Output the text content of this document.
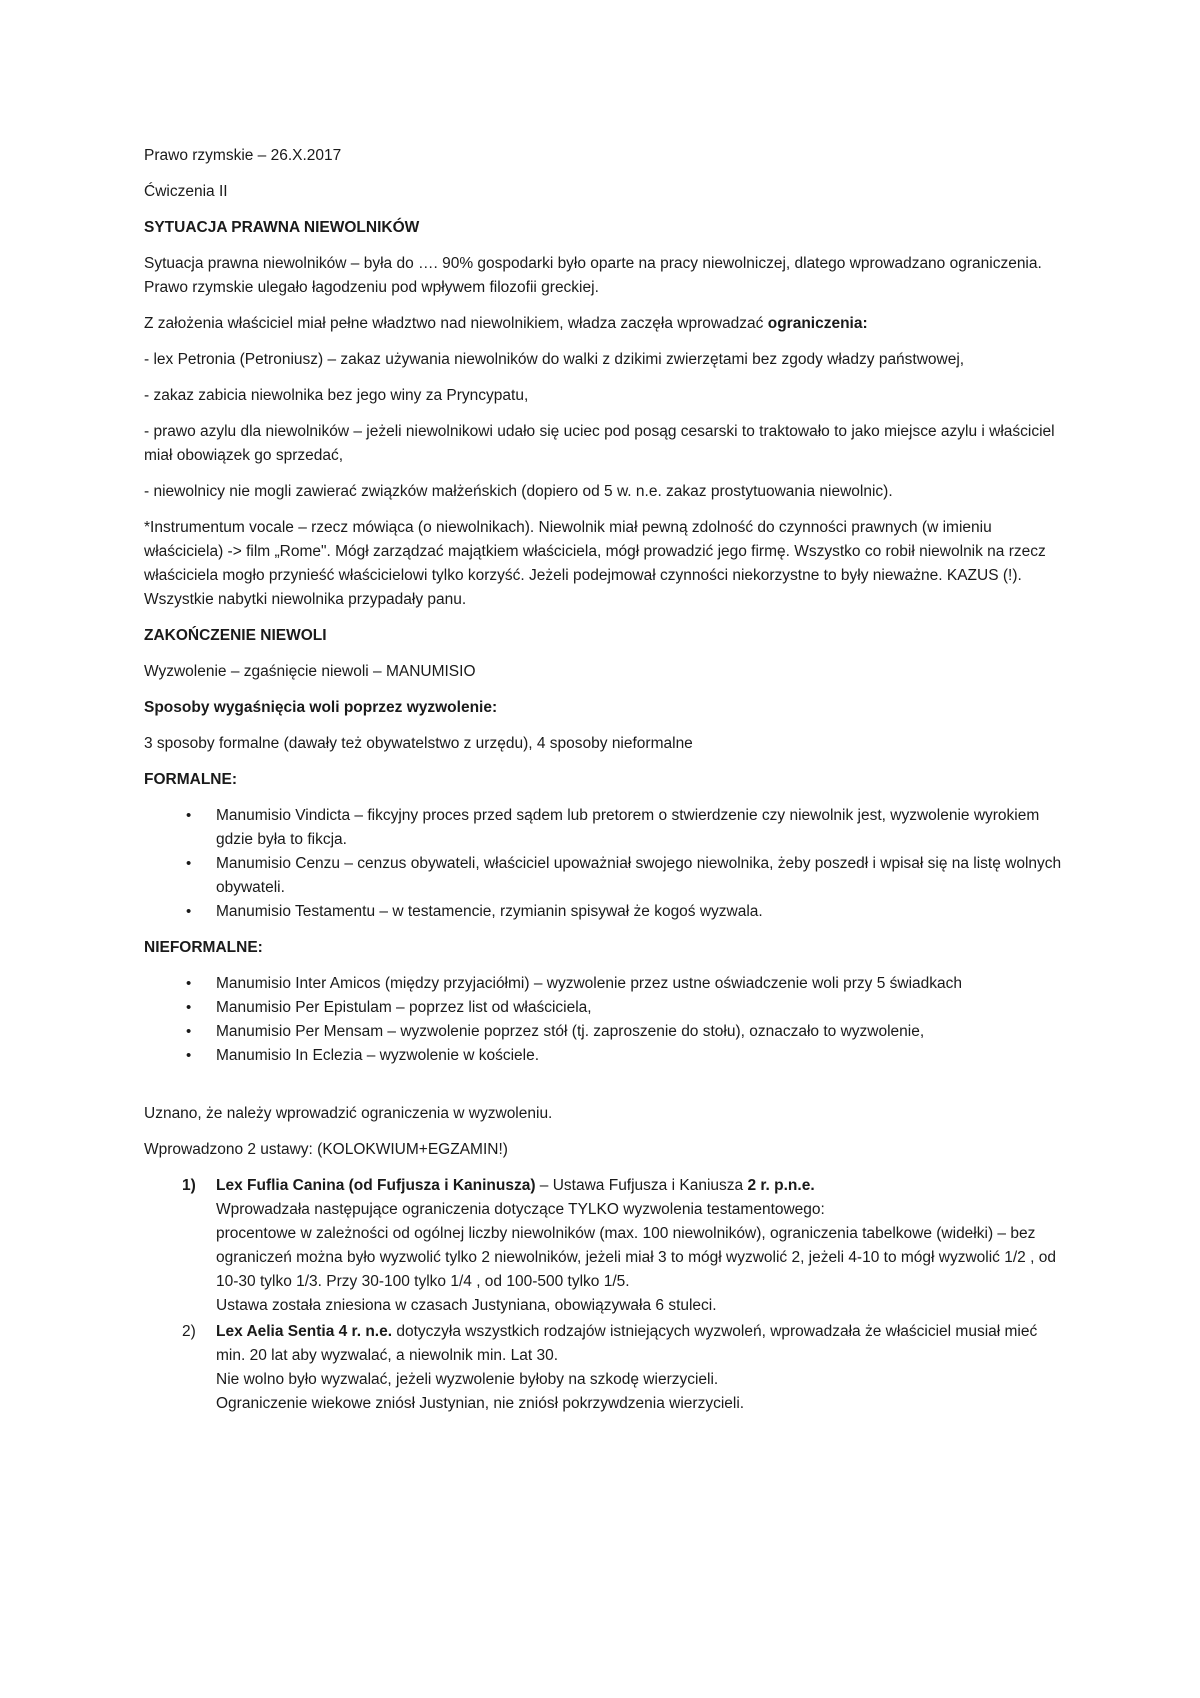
Prawo rzymskie – 26.X.2017

Ćwiczenia II

SYTUACJA PRAWNA NIEWOLNIKÓW

Sytuacja prawna niewolników – była do …. 90% gospodarki było oparte na pracy niewolniczej, dlatego wprowadzano ograniczenia. Prawo rzymskie ulegało łagodzeniu pod wpływem filozofii greckiej.

Z założenia właściciel miał pełne władztwo nad niewolnikiem, władza zaczęła wprowadzać ograniczenia:

- lex Petronia (Petroniusz) – zakaz używania niewolników do walki z dzikimi zwierzętami bez zgody władzy państwowej,

- zakaz zabicia niewolnika bez jego winy za Pryncypatu,

- prawo azylu dla niewolników – jeżeli niewolnikowi udało się uciec pod posąg cesarski to traktowało to jako miejsce azylu i właściciel miał obowiązek go sprzedać,

- niewolnicy nie mogli zawierać związków małżeńskich (dopiero od 5 w. n.e. zakaz prostytuowania niewolnic).

*Instrumentum vocale – rzecz mówiąca (o niewolnikach). Niewolnik miał pewną zdolność do czynności prawnych (w imieniu właściciela) -> film „Rome". Mógł zarządzać majątkiem właściciela, mógł prowadzić jego firmę. Wszystko co robił niewolnik na rzecz właściciela mogło przynieść właścicielowi tylko korzyść. Jeżeli podejmował czynności niekorzystne to były nieważne. KAZUS (!). Wszystkie nabytki niewolnika przypadały panu.

ZAKOŃCZENIE NIEWOLI

Wyzwolenie – zgaśnięcie niewoli – MANUMISIO

Sposoby wygaśnięcia woli poprzez wyzwolenie:

3 sposoby formalne (dawały też obywatelstwo z urzędu), 4 sposoby nieformalne

FORMALNE:

• Manumisio Vindicta – fikcyjny proces przed sądem lub pretorem o stwierdzenie czy niewolnik jest, wyzwolenie wyrokiem gdzie była to fikcja.
• Manumisio Cenzu – cenzus obywateli, właściciel upoważniał swojego niewolnika, żeby poszedł i wpisał się na listę wolnych obywateli.
• Manumisio Testamentu – w testamencie, rzymianin spisywał że kogoś wyzwala.

NIEFORMALNE:

• Manumisio Inter Amicos (między przyjaciółmi) – wyzwolenie przez ustne oświadczenie woli przy 5 świadkach
• Manumisio Per Epistulam – poprzez list od właściciela,
• Manumisio Per Mensam – wyzwolenie poprzez stół (tj. zaproszenie do stołu), oznaczało to wyzwolenie,
• Manumisio In Eclezia – wyzwolenie w kościele.

Uznano, że należy wprowadzić ograniczenia w wyzwoleniu.

Wprowadzono 2 ustawy: (KOLOKWIUM+EGZAMIN!)

1) Lex Fuflia Canina (od Fufjusza i Kaninusza) – Ustawa Fufjusza i Kaniusza 2 r. p.n.e.
Wprowadzała następujące ograniczenia dotyczące TYLKO wyzwolenia testamentowego:
procentowe w zależności od ogólnej liczby niewolników (max. 100 niewolników), ograniczenia tabelkowe (widełki) – bez ograniczeń można było wyzwolić tylko 2 niewolników, jeżeli miał 3 to mógł wyzwolić 2, jeżeli 4-10 to mógł wyzwolić 1/2 , od 10-30 tylko 1/3. Przy 30-100 tylko 1/4 , od 100-500 tylko 1/5.
Ustawa została zniesiona w czasach Justyniana, obowiązywała 6 stuleci.
2) Lex Aelia Sentia 4 r. n.e. dotyczyła wszystkich rodzajów istniejących wyzwoleń, wprowadzała że właściciel musiał mieć min. 20 lat aby wyzwalać, a niewolnik min. Lat 30.
Nie wolno było wyzwalać, jeżeli wyzwolenie byłoby na szkodę wierzycieli.
Ograniczenie wiekowe zniósł Justynian, nie zniósł pokrzywdzenia wierzycieli.
